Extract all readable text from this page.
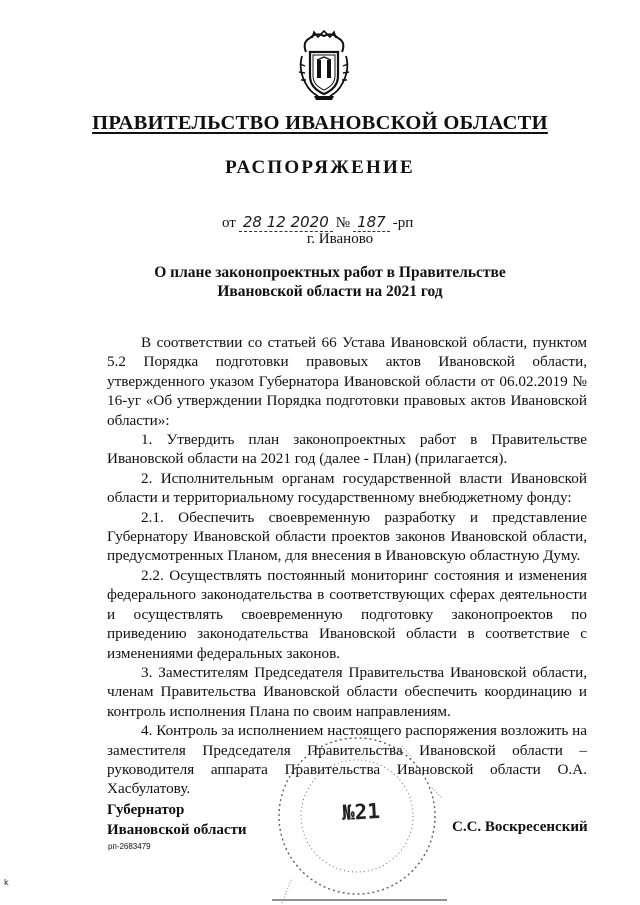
ПРАВИТЕЛЬСТВО ИВАНОВСКОЙ ОБЛАСТИ
РАСПОРЯЖЕНИЕ
от 28 12 2020 № 187 -рп
г. Иваново
О плане законопроектных работ в Правительстве
Ивановской области на 2021 год

В соответствии со статьей 66 Устава Ивановской области, пунктом 5.2 Порядка подготовки правовых актов Ивановской области, утвержденного указом Губернатора Ивановской области от 06.02.2019 № 16-уг «Об утверждении Порядка подготовки правовых актов Ивановской области»:

1. Утвердить план законопроектных работ в Правительстве Ивановской области на 2021 год (далее - План) (прилагается).

2. Исполнительным органам государственной власти Ивановской области и территориальному государственному внебюджетному фонду:

2.1. Обеспечить своевременную разработку и представление Губернатору Ивановской области проектов законов Ивановской области, предусмотренных Планом, для внесения в Ивановскую областную Думу.

2.2. Осуществлять постоянный мониторинг состояния и изменения федерального законодательства в соответствующих сферах деятельности и осуществлять своевременную подготовку законопроектов по приведению законодательства Ивановской области в соответствие с изменениями федеральных законов.

3. Заместителям Председателя Правительства Ивановской области, членам Правительства Ивановской области обеспечить координацию и контроль исполнения Плана по своим направлениям.

4. Контроль за исполнением настоящего распоряжения возложить на заместителя Председателя Правительства Ивановской области – руководителя аппарата Правительства Ивановской области О.А. Хасбулатову.

№21
Губернатор
Ивановской области	С.С. Воскресенский
рп-2683479
k
